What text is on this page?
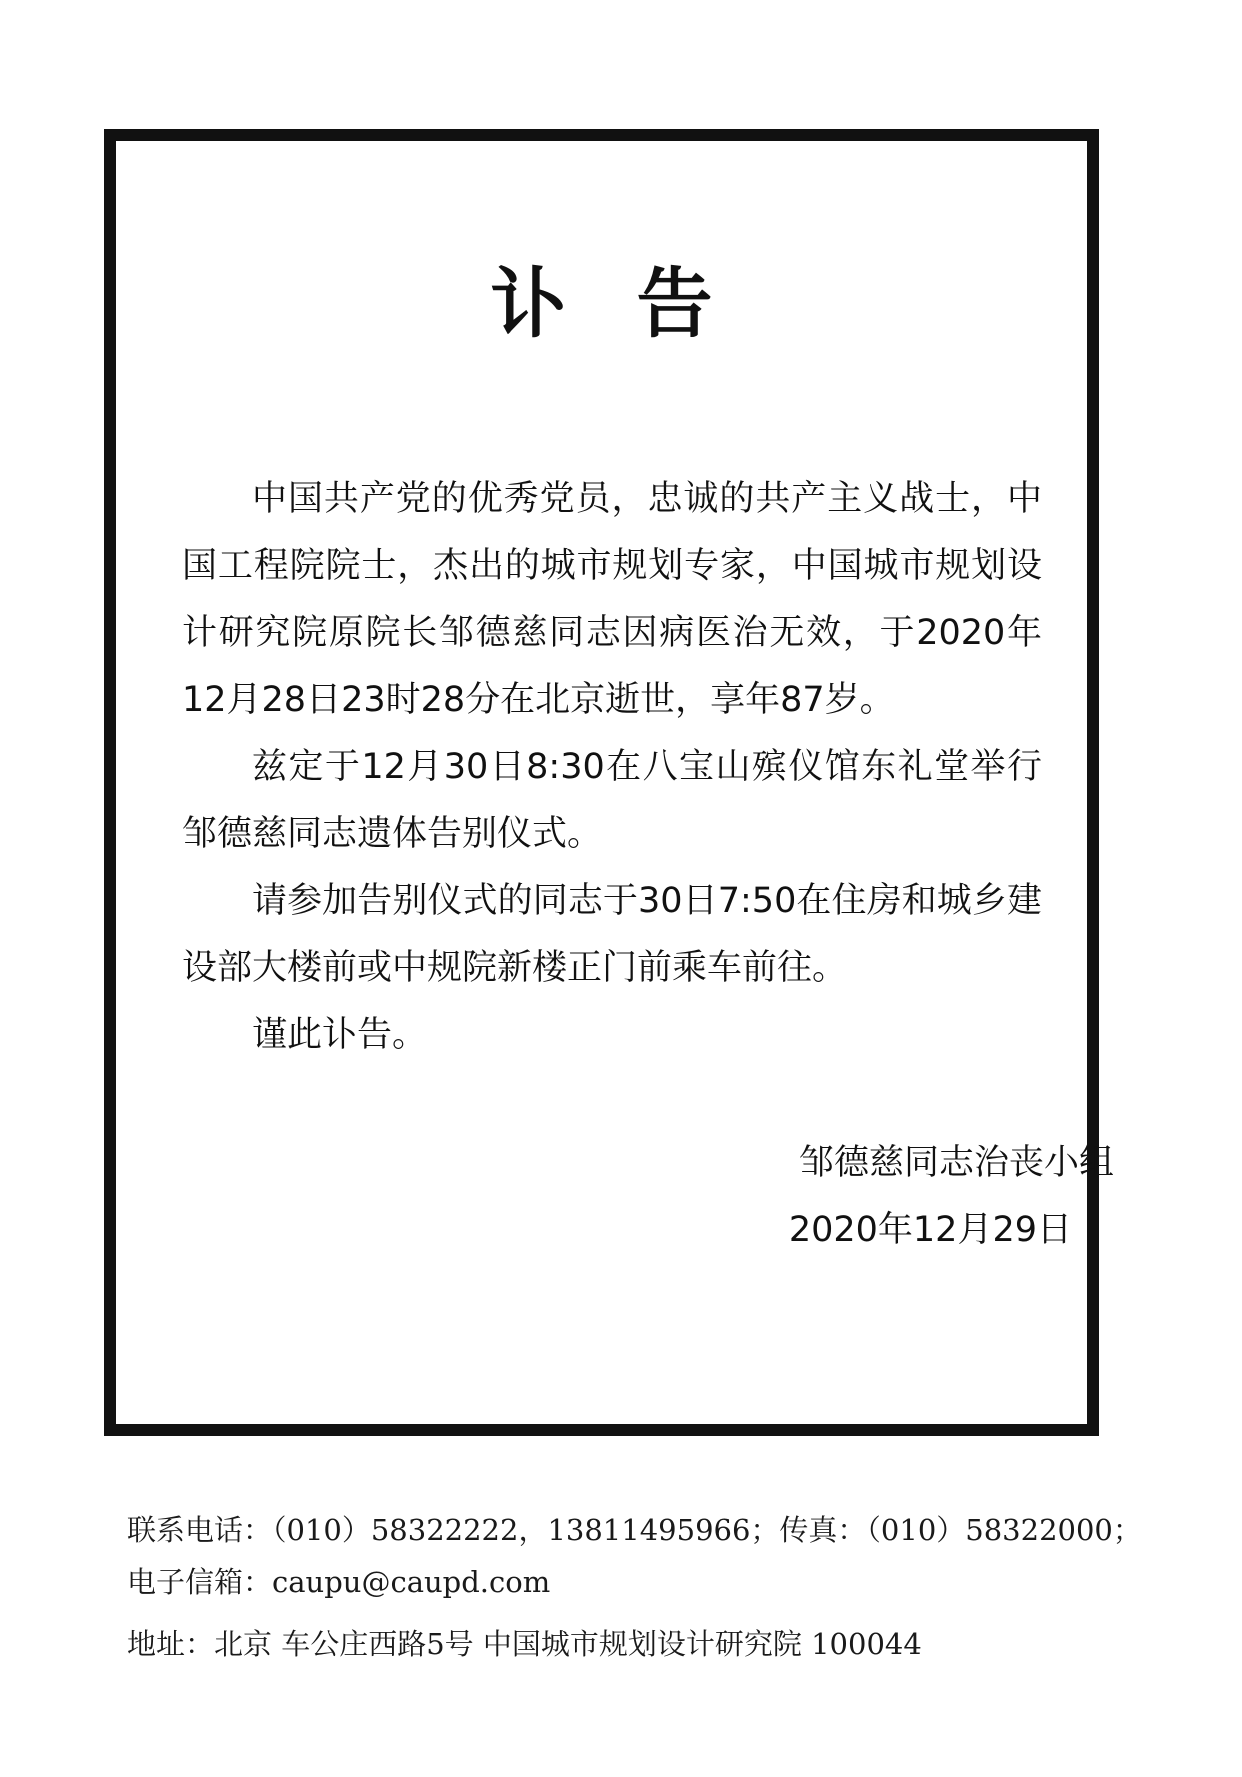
讣告

中国共产党的优秀党员，忠诚的共产主义战士，中国工程院院士，杰出的城市规划专家，中国城市规划设计研究院原院长邹德慈同志因病医治无效，于2020年12月28日23时28分在北京逝世，享年87岁。

兹定于12月30日8:30在八宝山殡仪馆东礼堂举行邹德慈同志遗体告别仪式。

请参加告别仪式的同志于30日7:50在住房和城乡建设部大楼前或中规院新楼正门前乘车前往。

谨此讣告。

邹德慈同志治丧小组
2020年12月29日
联系电话：（010）58322222，13811495966；传真：（010）58322000；
电子信箱：caupu@caupd.com
地址：北京 车公庄西路5号 中国城市规划设计研究院 100044
